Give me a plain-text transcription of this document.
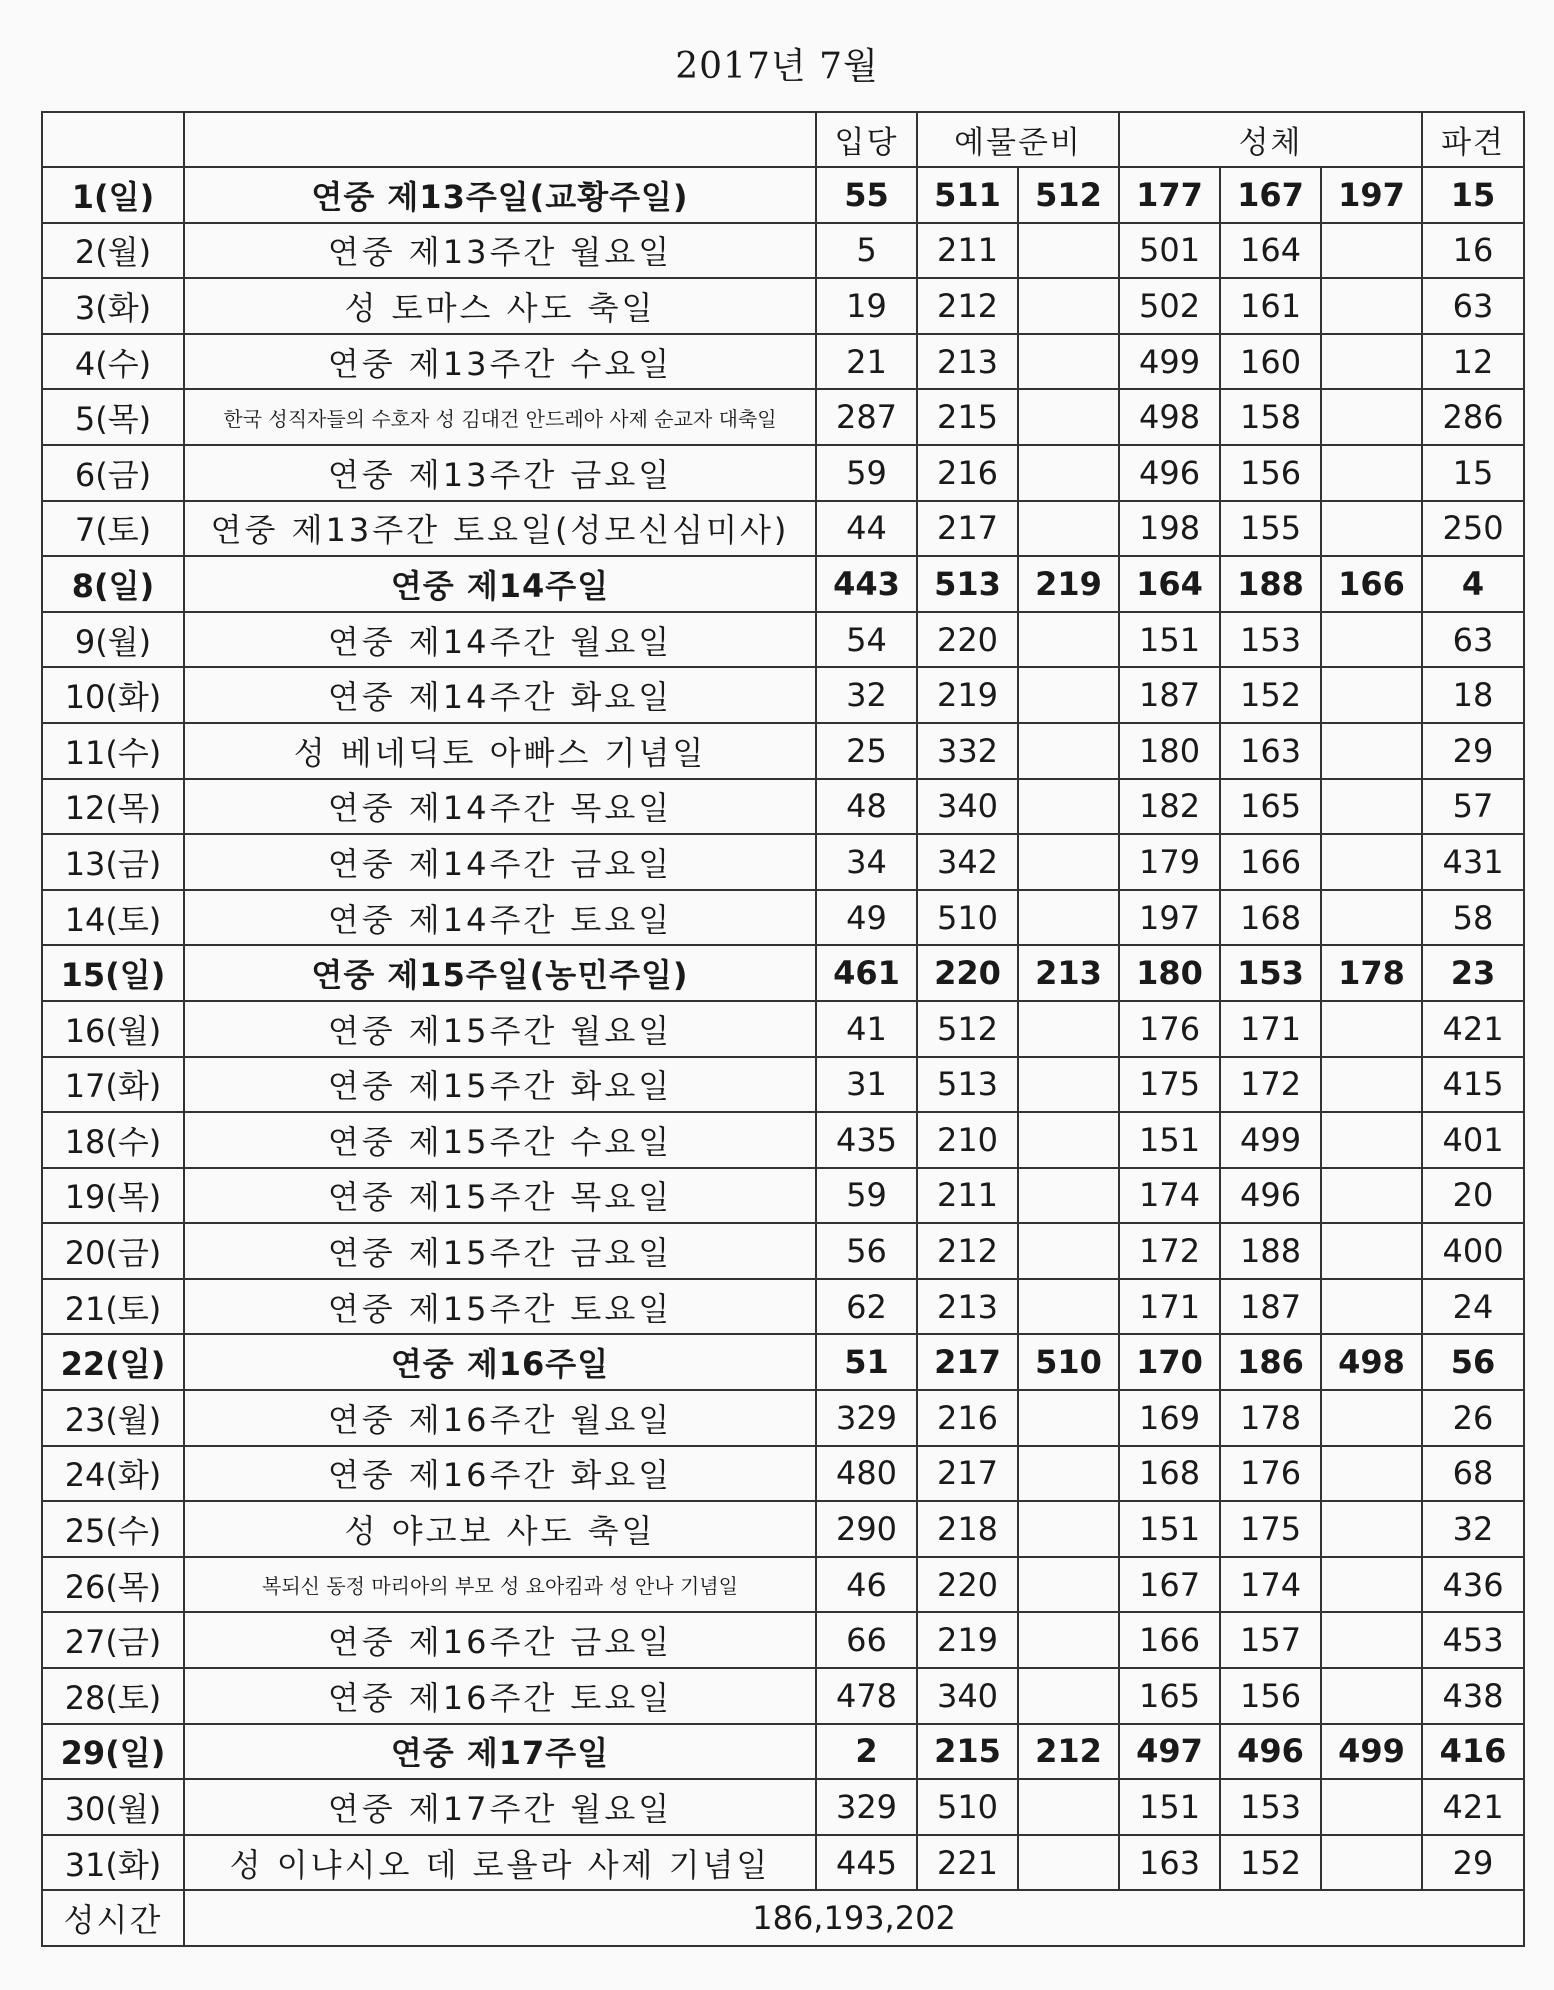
2017년 7월
		입당	예물준비		성체			파견
1(일)	연중 제13주일(교황주일)	55	511	512	177	167	197	15
2(월)	연중 제13주간 월요일	5	211		501	164		16
3(화)	성 토마스 사도 축일	19	212		502	161		63
4(수)	연중 제13주간 수요일	21	213		499	160		12
5(목)	한국 성직자들의 수호자 성 김대건 안드레아 사제 순교자 대축일	287	215		498	158		286
6(금)	연중 제13주간 금요일	59	216		496	156		15
7(토)	연중 제13주간 토요일(성모신심미사)	44	217		198	155		250
8(일)	연중 제14주일	443	513	219	164	188	166	4
9(월)	연중 제14주간 월요일	54	220		151	153		63
10(화)	연중 제14주간 화요일	32	219		187	152		18
11(수)	성 베네딕토 아빠스 기념일	25	332		180	163		29
12(목)	연중 제14주간 목요일	48	340		182	165		57
13(금)	연중 제14주간 금요일	34	342		179	166		431
14(토)	연중 제14주간 토요일	49	510		197	168		58
15(일)	연중 제15주일(농민주일)	461	220	213	180	153	178	23
16(월)	연중 제15주간 월요일	41	512		176	171		421
17(화)	연중 제15주간 화요일	31	513		175	172		415
18(수)	연중 제15주간 수요일	435	210		151	499		401
19(목)	연중 제15주간 목요일	59	211		174	496		20
20(금)	연중 제15주간 금요일	56	212		172	188		400
21(토)	연중 제15주간 토요일	62	213		171	187		24
22(일)	연중 제16주일	51	217	510	170	186	498	56
23(월)	연중 제16주간 월요일	329	216		169	178		26
24(화)	연중 제16주간 화요일	480	217		168	176		68
25(수)	성 야고보 사도 축일	290	218		151	175		32
26(목)	복되신 동정 마리아의 부모 성 요아킴과 성 안나 기념일	46	220		167	174		436
27(금)	연중 제16주간 금요일	66	219		166	157		453
28(토)	연중 제16주간 토요일	478	340		165	156		438
29(일)	연중 제17주일	2	215	212	497	496	499	416
30(월)	연중 제17주간 월요일	329	510		151	153		421
31(화)	성 이냐시오 데 로욜라 사제 기념일	445	221		163	152		29
성시간	186,193,202							
